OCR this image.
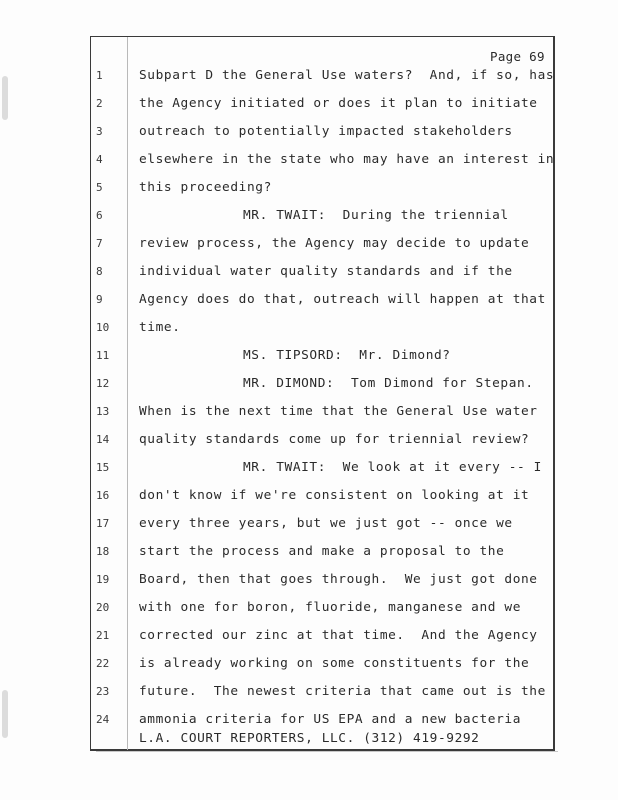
Page 69
1	Subpart D the General Use waters?  And, if so, has
2	the Agency initiated or does it plan to initiate
3	outreach to potentially impacted stakeholders
4	elsewhere in the state who may have an interest in
5	this proceeding?
6	MR. TWAIT:  During the triennial
7	review process, the Agency may decide to update
8	individual water quality standards and if the
9	Agency does do that, outreach will happen at that
10	time.
11	MS. TIPSORD:  Mr. Dimond?
12	MR. DIMOND:  Tom Dimond for Stepan.
13	When is the next time that the General Use water
14	quality standards come up for triennial review?
15	MR. TWAIT:  We look at it every -- I
16	don't know if we're consistent on looking at it
17	every three years, but we just got -- once we
18	start the process and make a proposal to the
19	Board, then that goes through.  We just got done
20	with one for boron, fluoride, manganese and we
21	corrected our zinc at that time.  And the Agency
22	is already working on some constituents for the
23	future.  The newest criteria that came out is the
24	ammonia criteria for US EPA and a new bacteria
L.A. COURT REPORTERS, LLC. (312) 419-9292
